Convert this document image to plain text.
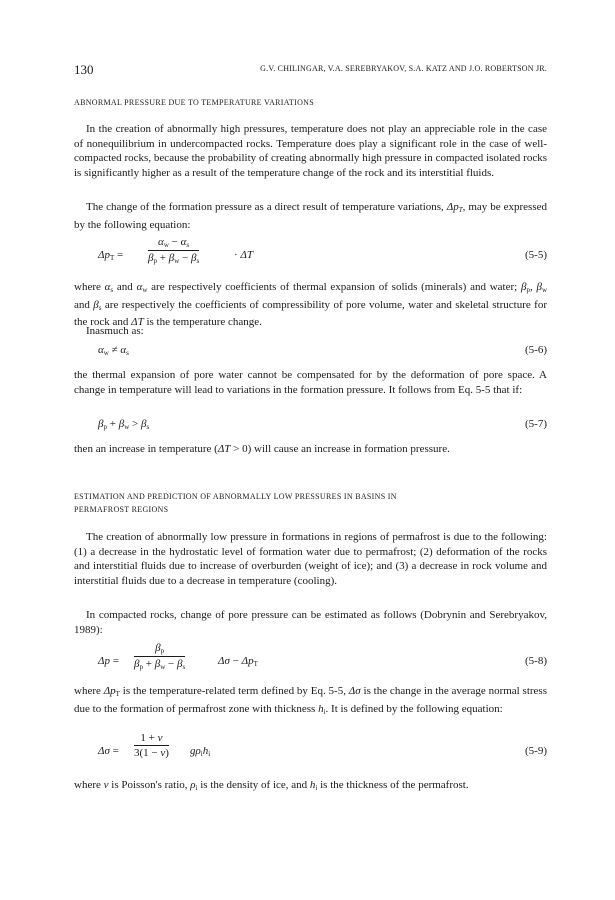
130	G.V. CHILINGAR, V.A. SEREBRYAKOV, S.A. KATZ AND J.O. ROBERTSON JR.
ABNORMAL PRESSURE DUE TO TEMPERATURE VARIATIONS

In the creation of abnormally high pressures, temperature does not play an appreciable role in the case of nonequilibrium in undercompacted rocks. Temperature does play a significant role in the case of well-compacted rocks, because the probability of creating abnormally high pressure in compacted isolated rocks is significantly higher as a result of the temperature change of the rock and its interstitial fluids.

The change of the formation pressure as a direct result of temperature variations, $\Delta p_T$, may be expressed by the following equation:

$\Delta p_T = \frac{\alpha_w - \alpha_s}{\beta_p + \beta_w - \beta_s}$	· ΔT	(5-5)

where $\alpha_s$ and $\alpha_w$ are respectively coefficients of thermal expansion of solids (minerals) and water; $\beta_p$, $\beta_w$ and $\beta_s$ are respectively the coefficients of compressibility of pore volume, water and skeletal structure for the rock and ΔT is the temperature change.

Inasmuch as:

$\alpha_w \ne \alpha_s$	(5-6)

the thermal expansion of pore water cannot be compensated for by the deformation of pore space. A change in temperature will lead to variations in the formation pressure. It follows from Eq. 5-5 that if:

$\beta_p + \beta_w > \beta_s$	(5-7)

then an increase in temperature (ΔT > 0) will cause an increase in formation pressure.

ESTIMATION AND PREDICTION OF ABNORMALLY LOW PRESSURES IN BASINS IN
PERMAFROST REGIONS

The creation of abnormally low pressure in formations in regions of permafrost is due to the following: (1) a decrease in the hydrostatic level of formation water due to permafrost; (2) deformation of the rocks and interstitial fluids due to increase of overburden (weight of ice); and (3) a decrease in rock volume and interstitial fluids due to a decrease in temperature (cooling).

In compacted rocks, change of pore pressure can be estimated as follows (Dobrynin and Serebryakov, 1989):

$\Delta p = \frac{\beta_p}{\beta_p + \beta_w - \beta_s}$	$\Delta\sigma - \Delta p_T$	(5-8)

where $\Delta p_T$ is the temperature-related term defined by Eq. 5-5, Δσ is the change in the average normal stress due to the formation of permafrost zone with thickness $h_i$. It is defined by the following equation:

$\Delta\sigma = \frac{1 + \nu}{3(1 - \nu)} g\rho_ih_i$	(5-9)

where ν is Poisson's ratio, $\rho_i$ is the density of ice, and $h_i$ is the thickness of the permafrost.
